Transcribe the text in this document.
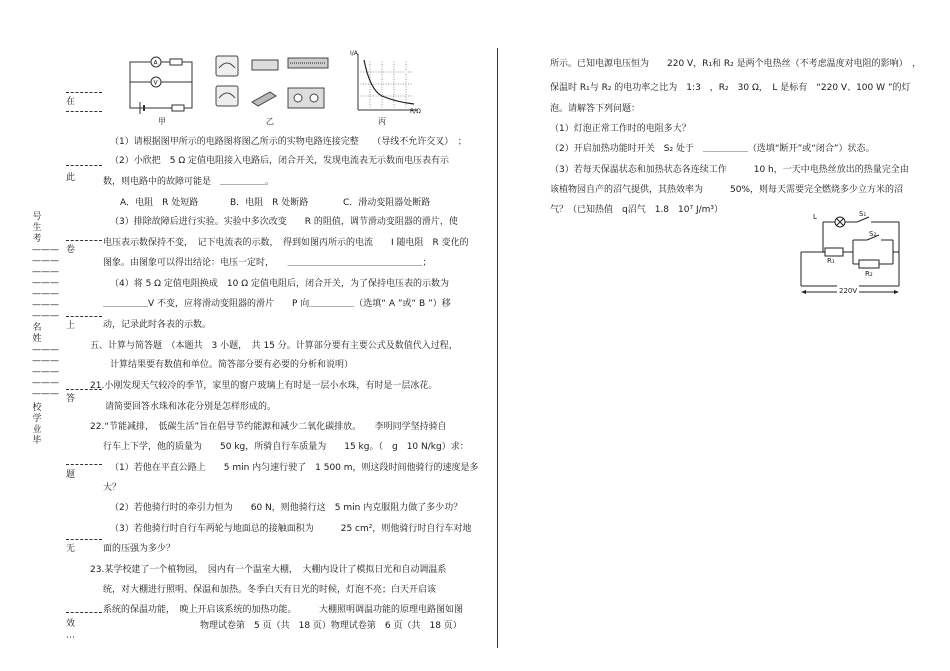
在
此
卷
上
答
题
无
效
⋯
号
生
考
———
———
———
———
———
———
———
名
姓
———
———
———
———
———
校
学
业
毕
A
V
甲	乙
I/A
R/Ω
丙
（1）请根据图甲所示的电路图将图乙所示的实物电路连接完整　　（导线不允许交叉）　；
（2）小欣把　5 Ω 定值电阻接入电路后，闭合开关，发现电流表无示数而电压表有示
数，则电路中的故障可能是　＿＿＿＿＿。
A．电阻　R 处短路	B．电阻　R 处断路	C．滑动变阻器处断路
（3）排除故障后进行实验。实验中多次改变　　R 的阻值，调节滑动变阻器的滑片，使
电压表示数保持不变，　记下电流表的示数，　得到如图丙所示的电流　　I 随电阻　R 变化的
图象。由图象可以得出结论：电压一定时，　　＿＿＿＿＿＿＿＿＿＿＿＿＿＿＿；
（4）将 5 Ω 定值电阻换成　10 Ω 定值电阻后，闭合开关，为了保持电压表的示数为
＿＿＿＿＿V 不变，应将滑动变阻器的滑片　　P 向＿＿＿＿＿（选填“ A ”或“ B ”）移
动，记录此时各表的示数。
五、计算与简答题　（本题共　3 小题，　共 15 分。计算部分要有主要公式及数值代入过程，
计算结果要有数值和单位。简答部分要有必要的分析和说明）
21.小刚发现天气较冷的季节，家里的窗户玻璃上有时是一层小水珠，有时是一层冰花。
请简要回答水珠和冰花分别是怎样形成的。
22.“节能减排，　低碳生活”旨在倡导节约能源和减少二氧化碳排放。　　李明同学坚持骑自
行车上下学，他的质量为　　50 kg，所骑自行车质量为　　15 kg。（　g　10 N/kg）求：
（1）若他在平直公路上　　5 min 内匀速行驶了　1 500 m，则这段时间他骑行的速度是多
大？
（2）若他骑行时的牵引力恒为　　60 N，则他骑行这　5 min 内克服阻力做了多少功？
（3）若他骑行时自行车两轮与地面总的接触面积为　　　25 cm²，则他骑行时自行车对地
面的压强为多少？
23.某学校建了一个植物园，　园内有一个温室大棚，　大棚内设计了模拟日光和自动调温系
统，对大棚进行照明、保温和加热。冬季白天有日光的时候，灯泡不亮；白天开启该
系统的保温功能，　晚上开启该系统的加热功能。　　　大棚照明调温功能的原理电路图如图
物理试卷第　5 页（共　18 页）物理试卷第　6 页（共　18 页）
所示。已知电源电压恒为　　220 V，R₁和 R₂ 是两个电热丝（不考虑温度对电阻的影响）　，
保温时 R₁与 R₂ 的电功率之比为　1:3　，R₂　30 Ω，　L 是标有　“220 V、100 W ”的灯
泡。请解答下列问题：
（1）灯泡正常工作时的电阻多大？
（2）开启加热功能时开关　S₂ 处于　＿＿＿＿＿（选填“断开”或“闭合”）状态。
（3）若每天保温状态和加热状态各连续工作　　　10 h，一天中电热丝放出的热量完全由
该植物园自产的沼气提供，其热效率为　　　50%，则每天需要完全燃烧多少立方米的沼
气？（已知热值　q沼气　1.8　10⁷ J/m³）
L	S₁
S₂
R₁
R₂
220V
